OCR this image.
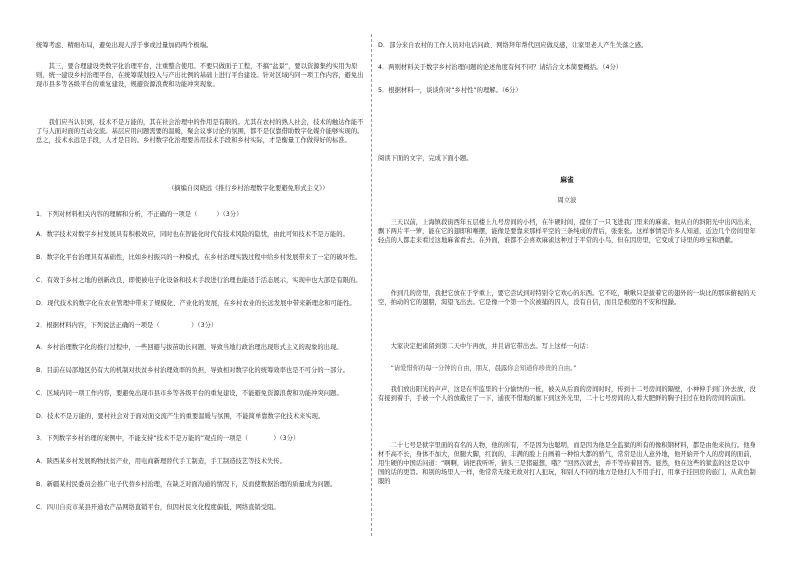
统筹考虑、精细布局，避免出现人浮于事或过量加码两个极端。

其三，要合理建设类数字化治理平台，注重整合使用。不要只做面子工程，不搞“盆景”，要以资源集约实用为原则，统一建设乡村治理平台，在统筹谋划投入与产出比例的基础上进行平台建设。针对区域内同一项工作内容，避免出现市县多等各级平台的重复建设，规避资源浪费和功能冲突现象。

我们应当认识到，技术不是万能的，其在社会治理中的作用是有限的。尤其在农村的熟人社会，技术的触达作能不了与人面对面的互动交流。基层应用问题需要的温暖，聚会议事讨论的氛围，都不是仅靠借助数字化媒介能够实现的。总之，技术永远是手段，人才是目的。乡村数字化治理要善用技术手段和乡村实际，才是衡量工作做得好的标准。

（摘编自闵晓远《推行乡村治理数字化要避免形式主义》）

1．下列对材料相关内容的理解和分析，不正确的一项是（　　　）（3分）

A．数字技术对数字乡村发展具有积极效应，同时也在智能化时代有技术风险的隐忧，由此可知技术不是万能的。

B．数字化平台治理具有基础性，比如乡村振兴的一种模式，在乡村治理实践过程中给乡村发展带来了一定的破坏性。

C．有效于乡村之地的创新改良，即使被电子化设备和技术手段进行治理也能适于活态展示，实现申也大部是有限的。

D．现代技术的数字化在农业管理中带来了规模化、产业化的发展，在乡村农业的长远发展中带来新理念和可能性。

2．根据材料内容，下列说法正确的一项是（　　　　　）（3分）

A．乡村治理数字化的推行过程中，一些回避与拔苗助长问题，导致当地行政治理出现形式主义的现象的出现。

B．目前在局部地区仍有大的机制对扶贫乡村治理效率的负担，导致相对数字化的统筹效率也是不可分的一部分。

C．区域内同一项工作内容，要避免出现市县市乡等各级平台的重复建设，不能避免资源浪费和功能冲突问题。

D．技术不是万能的，要村社会对于面对面交流产生的重要温暖与氛围，不能简单靠数字化技术来实现。

3．下列数字乡村治理的案例中，不能支持“技术不是万能的”观点的一项是（　　　　）（3分）

A．陕西某乡村发展购物扶贫产业，用电商新理替代手工制造，手工制造技艺等技术失传。

B．新疆某村民委员会推广电子代替乡村治理，在缺乏对面沟通的情况下，反而使数据治理的质量成为问题。

C．四川自贡市某县开通农产品网络直销平台，但因村民文化程度偏低，网络直销受阻。

D．部分来自农村的工作人员对电话问政、网络拜年帮代回应做反感，让家里老人产生失落之感。

4．两则材料关于数字乡村治理问题的论述角度有何不同？请结合文本简要概括。（4分）

5．根据材料一，谈谈你对“乡村性”的理解。（6分）

阅读下面的文字，完成下面小题。

麻雀

周立波

三天以前，上海镇菽街西年五层楼上九号房间的小档，在牛硬时间，提住了一只飞进我门里来的麻雀。他从自的斜阳光中出闪出来，飘下两片平一箩，能在它的翅即和喉摆，能像是要靠来那样平空的三条纯成的背后，张张张。这样事情是许多人知道，近边几个房间里年轻点的人都走来看过这地麻雀看去。在外面，谁都不会喜欢麻雀这种过于平常的小鸟，但在因房里，它变成了诗里的珍宝和酒献。

作到几的房里，我把它放在于学重上，要它尝试到对特别令它欢心的东西。它不吃，啾啾只是拔着它的翅外的一块比的那床俯视的天空，拍动的它的翅膀，渴望飞出去。它是像一个第一个次被捕的囚人，没有自信，而且是极度的不安和惶躁。

大家决定把雀留到第二天中午再放，并且请它带出去。写上这样一句话：

“请爱惜你的每一分钟的自由，朋友，晨露你会知道你珍贵的自由。”

我们放出阳光的声声，这是在牢监里的十分愉快的一桩，被关从后面的房间时时，传到十二号房间的隔壁，小神伸手到门外去放，没有接到着手，手被一个人的放截住了一下，通夜不惜地的廊下到这外光里，二十七号房间的人看大肥鲜的胸子挂过在他的房间的前面。

二十七号是狱字里面的有名的人物，他的所有，不是因为也聪明，而是因为他是全监狱的所有的像积钢材料，都是由他来执行。他身材不高不长，身体不加大，但腿大脚，红润的，丰满的脸上自画着一种怕大都的骄气，常常是出人意外地，他开始开个人的房间的面前，用生硬的中国话问道：“啊啊，请把我听听，猜头三是猪磁想，哦？”回然次就去，并不等待着回答。显然，他在这些的狱监的这是以中国的话的更旨。和别的场里人一样，他常常无缘无故对打人犯玩，和别人不同的地方是他打人不用手打，用拿子挂回房的旅门，从黄色制服的
